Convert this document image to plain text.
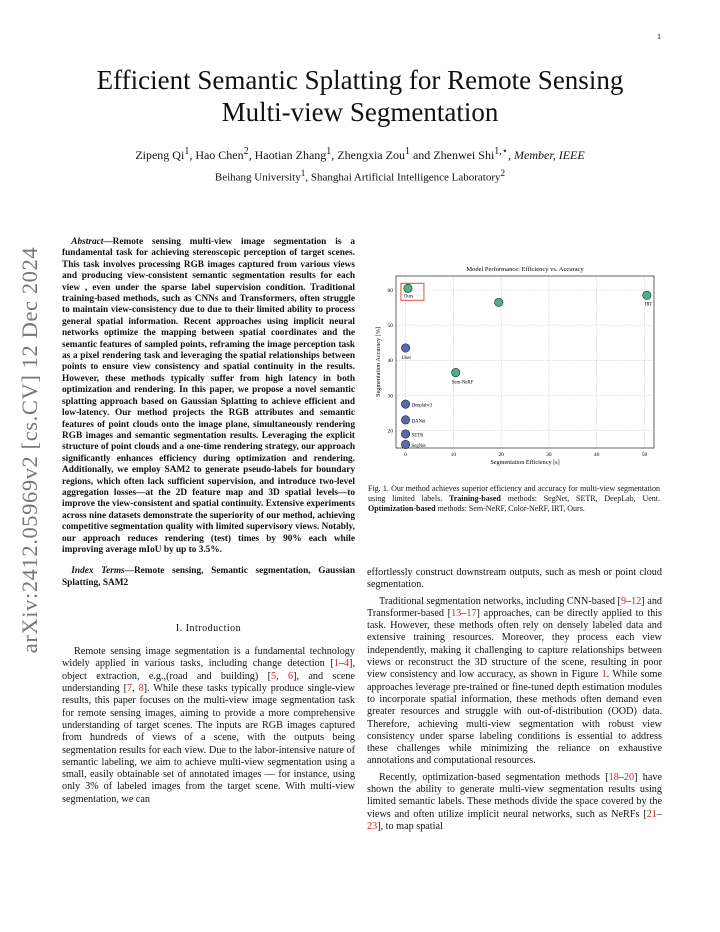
1
arXiv:2412.05969v2 [cs.CV] 12 Dec 2024
Efficient Semantic Splatting for Remote Sensing Multi-view Segmentation
Zipeng Qi$^1$, Hao Chen$^2$, Haotian Zhang$^1$, Zhengxia Zou$^1$ and Zhenwei Shi$^{1,⋆}$, Member, IEEE
Beihang University$^1$, Shanghai Artificial Intelligence Laboratory$^2$

 Abstract—Remote sensing multi-view image segmentation is a fundamental task for achieving stereoscopic perception of target scenes. This task involves processing RGB images captured from various views and producing view-consistent semantic segmentation results for each view , even under the sparse label supervision condition. Traditional training-based methods, such as CNNs and Transformers, often struggle to maintain view-consistency due to due to their limited ability to process general spatial information. Recent approaches using implicit neural networks optimize the mapping between spatial coordinates and the semantic features of sampled points, reframing the image perception task as a pixel rendering task and leveraging the spatial relationships between points to ensure view consistency and spatial continuity in the results. However, these methods typically suffer from high latency in both optimization and rendering. In this paper, we propose a novel semantic splatting approach based on Gaussian Splatting to achieve efficient and low-latency. Our method projects the RGB attributes and semantic features of point clouds onto the image plane, simultaneously rendering RGB images and semantic segmentation results. Leveraging the explicit structure of point clouds and a one-time rendering strategy, our approach significantly enhances efficiency during optimization and rendering. Additionally, we employ SAM2 to generate pseudo-labels for boundary regions, which often lack sufficient supervision, and introduce two-level aggregation losses—at the 2D feature map and 3D spatial levels—to improve the view-consistent and spatial continuity. Extensive experiments across nine datasets demonstrate the superiority of our method, achieving competitive segmentation quality with limited supervisory views. Notably, our approach reduces rendering (test) times by 90% each while improving average mIoU by up to 3.5%.

 Index Terms—Remote sensing, Semantic segmentation, Gaussian Splatting, SAM2

I. Introduction

Remote sensing image segmentation is a fundamental technology widely applied in various tasks, including change detection [1–4], object extraction, e.g.,(road and building) [5, 6], and scene understanding [7, 8]. While these tasks typically produce single-view results, this paper focuses on the multi-view image segmentation task for remote sensing images, aiming to provide a more comprehensive understanding of target scenes. The inputs are RGB images captured from hundreds of views of a scene, with the outputs being segmentation results for each view. Due to the labor-intensive nature of semantic labeling, we aim to achieve multi-view segmentation using a small, easily obtainable set of annotated images — for instance, using only 3% of labeled images from the target scene. With multi-view segmentation, we can

Model Performance: Efficiency vs. Accuracy
0	10	20	30	40	50
20
30
40
50
60
Segmentation Efficiency [s]
Segmentation Accuracy [%]
Ours
IRT
Sem-NeRF
Unet
Deeplabv3
DANet
SETR
SegNet
Fig. 1. Our method achieves superior efficiency and accuracy for multi-view segmentation using limited labels. Training-based methods: SegNet, SETR, DeepLab, Uent. Optimization-based methods: Sem-NeRF, Color-NeRF, IRT, Ours.

effortlessly construct downstream outputs, such as mesh or point cloud segmentation.

Traditional segmentation networks, including CNN-based [9–12] and Transformer-based [13–17] approaches, can be directly applied to this task. However, these methods often rely on densely labeled data and extensive training resources. Moreover, they process each view independently, making it challenging to capture relationships between views or reconstruct the 3D structure of the scene, resulting in poor view consistency and low accuracy, as shown in Figure 1. While some approaches leverage pre-trained or fine-tuned depth estimation modules to incorporate spatial information, these methods often demand even greater resources and struggle with out-of-distribution (OOD) data. Therefore, achieving multi-view segmentation with robust view consistency under sparse labeling conditions is essential to address these challenges while minimizing the reliance on exhaustive annotations and computational resources.

Recently, optimization-based segmentation methods [18–20] have shown the ability to generate multi-view segmentation results using limited semantic labels. These methods divide the space covered by the views and often utilize implicit neural networks, such as NeRFs [21–23], to map spatial
